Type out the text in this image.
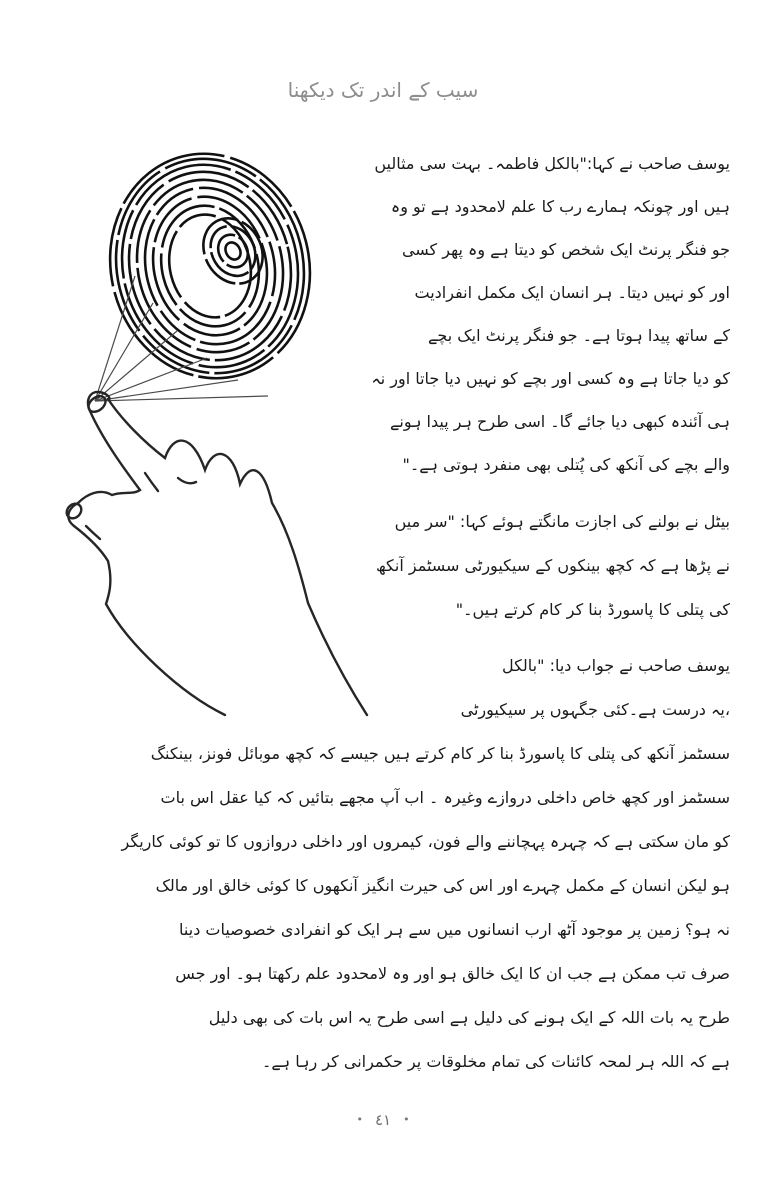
سیب کے اندر تک دیکھنا
یوسف صاحب نے کہا:"بالکل فاطمہ۔ بہت سی مثالیں
ہیں اور چونکہ ہمارے رب کا علم لامحدود ہے تو وہ
جو فنگر پرنٹ ایک شخص کو دیتا ہے وہ پھر کسی
اور کو نہیں دیتا۔ ہر انسان ایک مکمل انفرادیت
کے ساتھ پیدا ہوتا ہے۔ جو فنگر پرنٹ ایک بچے
کو دیا جاتا ہے وہ کسی اور بچے کو نہیں دیا جاتا اور نہ
ہی آئندہ کبھی دیا جائے گا۔ اسی طرح ہر پیدا ہونے
والے بچے کی آنکھ کی پُتلی بھی منفرد ہوتی ہے۔"
بیٹل نے بولنے کی اجازت مانگتے ہوئے کہا: "سر میں
نے پڑھا ہے کہ کچھ بینکوں کے سیکیورٹی سسٹمز آنکھ
کی پتلی کا پاسورڈ بنا کر کام کرتے ہیں۔"
یوسف صاحب نے جواب دیا: "بالکل
،یہ درست ہے۔کئی جگہوں پر سیکیورٹی
سسٹمز آنکھ کی پتلی کا پاسورڈ بنا کر کام کرتے ہیں جیسے کہ کچھ موبائل فونز، بینکنگ
سسٹمز اور کچھ خاص داخلی دروازے وغیرہ ۔ اب آپ مجھے بتائیں کہ کیا عقل اس بات
کو مان سکتی ہے کہ چہرہ پہچاننے والے فون، کیمروں اور داخلی دروازوں کا تو کوئی کاریگر
ہو لیکن انسان کے مکمل چہرے اور اس کی حیرت انگیز آنکھوں کا کوئی خالق اور مالک
نہ ہو؟ زمین پر موجود آٹھ ارب انسانوں میں سے ہر ایک کو انفرادی خصوصیات دینا
صرف تب ممکن ہے جب ان کا ایک خالق ہو اور وہ لامحدود علم رکھتا ہو۔ اور جس
طرح یہ بات اللہ کے ایک ہونے کی دلیل ہے اسی طرح یہ اس بات کی بھی دلیل
ہے کہ اللہ ہر لمحہ کائنات کی تمام مخلوقات پر حکمرانی کر رہا ہے۔
•٤١•
